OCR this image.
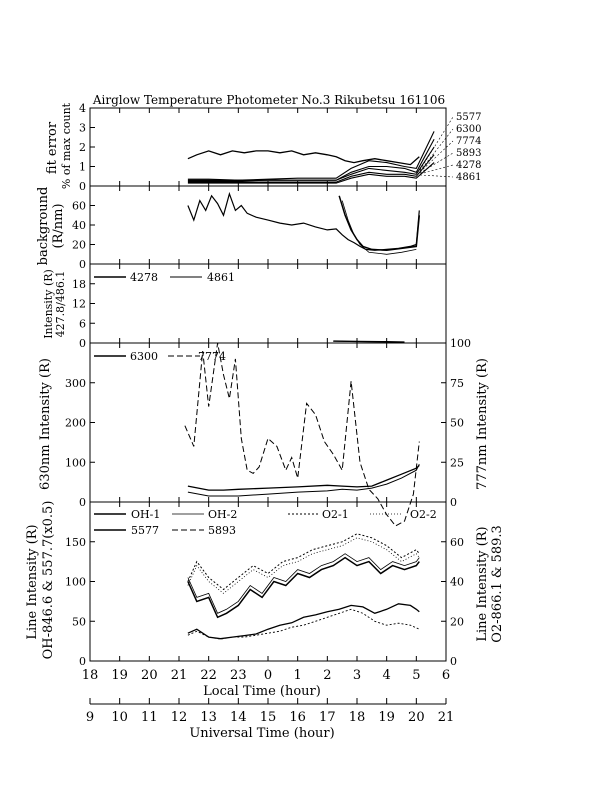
Airglow Temperature Photometer No.3 Rikubetsu 161106
fit error % of max count
background (R/nm)
Intensity (R) 427.8/486.1
630nm Intensity (R)	777nm Intensity (R)
Line Intensity (R) OH-846.6 & 557.7(x0.5)	Line Intensity (R) O2-866.1 & 589.3
4278	4861
6300	7774
OH-1	OH-2	O2-1	O2-2
5577	5893
5577
6300
7774
5893
4278
4861
Local Time (hour)
Universal Time (hour)
18 19 20 21 22 23 0 1 2 3 4 5 6
9 10 11 12 13 14 15 16 17 18 19 20 21
0
1
2
3
4
0
20
40
60
0
6
12
18
0
100
200
300
0
25
50
75
100
0
50
100
150
0
20
40
60
